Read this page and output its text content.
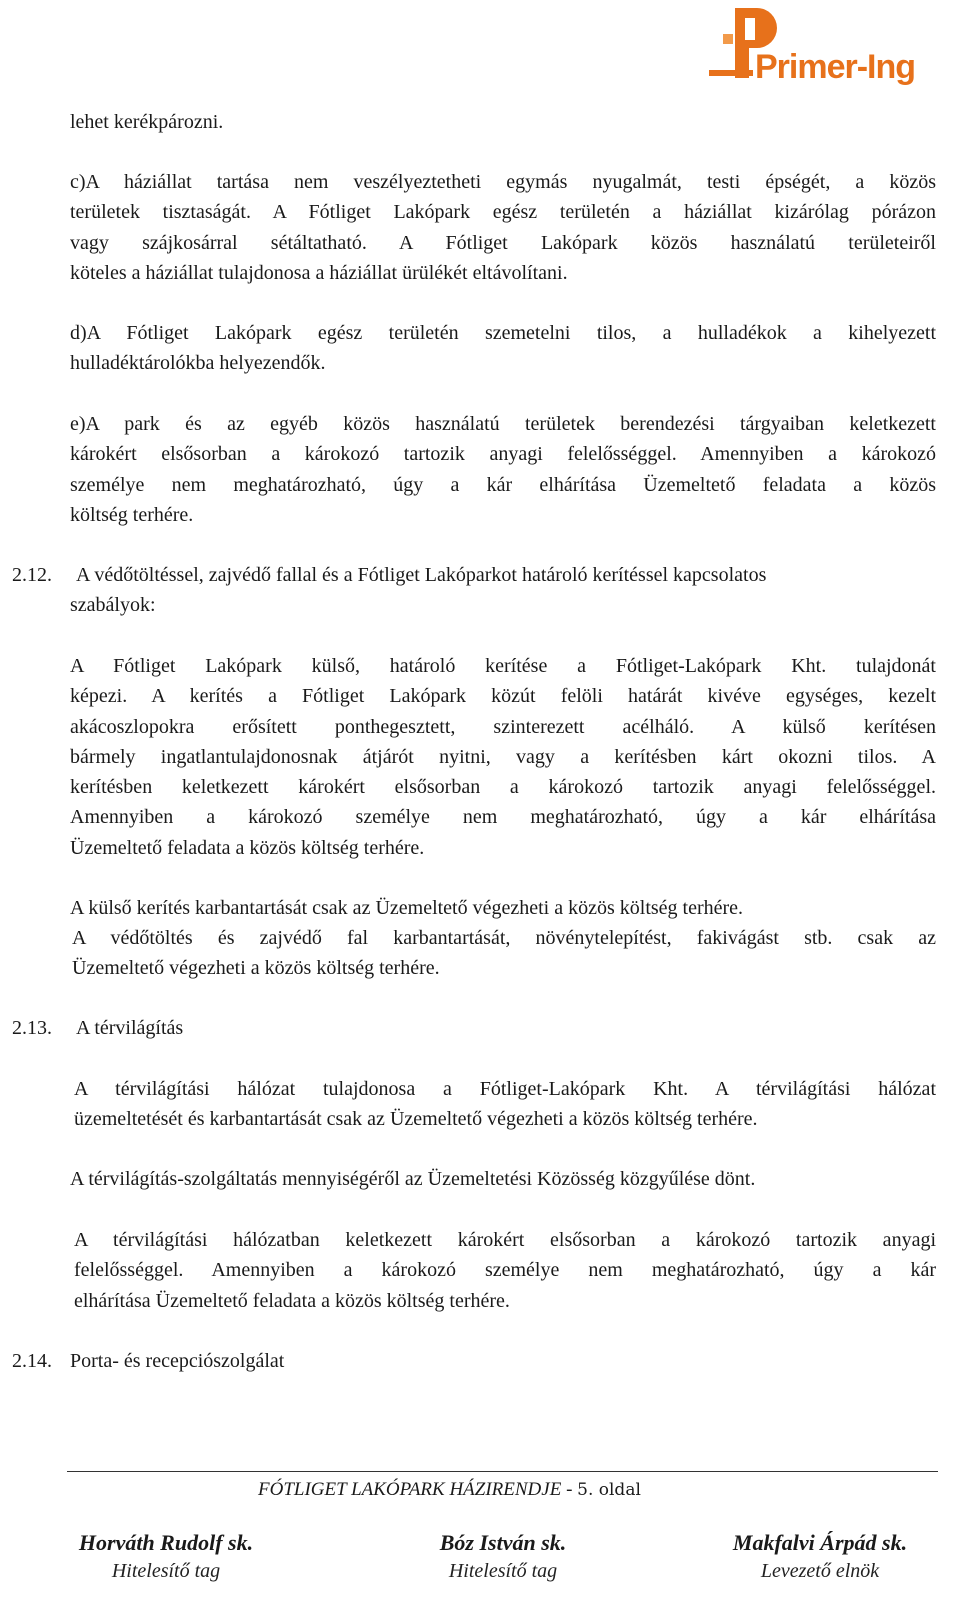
Primer-Ing
lehet kerékpározni.
c)A háziállat tartása nem veszélyeztetheti egymás nyugalmát, testi épségét, a közös
területek tisztaságát. A Fótliget Lakópark egész területén a háziállat kizárólag pórázon
vagy szájkosárral sétáltatható. A Fótliget Lakópark közös használatú területeiről
köteles a háziállat tulajdonosa a háziállat ürülékét eltávolítani.
d)A Fótliget Lakópark egész területén szemetelni tilos, a hulladékok a kihelyezett
hulladéktárolókba helyezendők.
e)A park és az egyéb közös használatú területek berendezési tárgyaiban keletkezett
károkért elsősorban a károkozó tartozik anyagi felelősséggel. Amennyiben a károkozó
személye nem meghatározható, úgy a kár elhárítása Üzemeltető feladata a közös
költség terhére.
2.12. A védőtöltéssel, zajvédő fallal és a Fótliget Lakóparkot határoló kerítéssel kapcsolatos
szabályok:
A Fótliget Lakópark külső, határoló kerítése a Fótliget-Lakópark Kht. tulajdonát
képezi. A kerítés a Fótliget Lakópark közút felöli határát kivéve egységes, kezelt
akácoszlopokra erősített ponthegesztett, szinterezett acélháló. A külső kerítésen
bármely ingatlantulajdonosnak átjárót nyitni, vagy a kerítésben kárt okozni tilos. A
kerítésben keletkezett károkért elsősorban a károkozó tartozik anyagi felelősséggel.
Amennyiben a károkozó személye nem meghatározható, úgy a kár elhárítása
Üzemeltető feladata a közös költség terhére.
A külső kerítés karbantartását csak az Üzemeltető végezheti a közös költség terhére.
A védőtöltés és zajvédő fal karbantartását, növénytelepítést, fakivágást stb. csak az
Üzemeltető végezheti a közös költség terhére.
2.13. A térvilágítás
A térvilágítási hálózat tulajdonosa a Fótliget-Lakópark Kht. A térvilágítási hálózat
üzemeltetését és karbantartását csak az Üzemeltető végezheti a közös költség terhére.
A térvilágítás-szolgáltatás mennyiségéről az Üzemeltetési Közösség közgyűlése dönt.
A térvilágítási hálózatban keletkezett károkért elsősorban a károkozó tartozik anyagi
felelősséggel. Amennyiben a károkozó személye nem meghatározható, úgy a kár
elhárítása Üzemeltető feladata a közös költség terhére.
2.14. Porta- és recepciószolgálat

FÓTLIGET LAKÓPARK HÁZIRENDJE - 5. oldal

Horváth Rudolf sk.
Hitelesítő tag
Bóz István sk.
Hitelesítő tag
Makfalvi Árpád sk.
Levezető elnök
